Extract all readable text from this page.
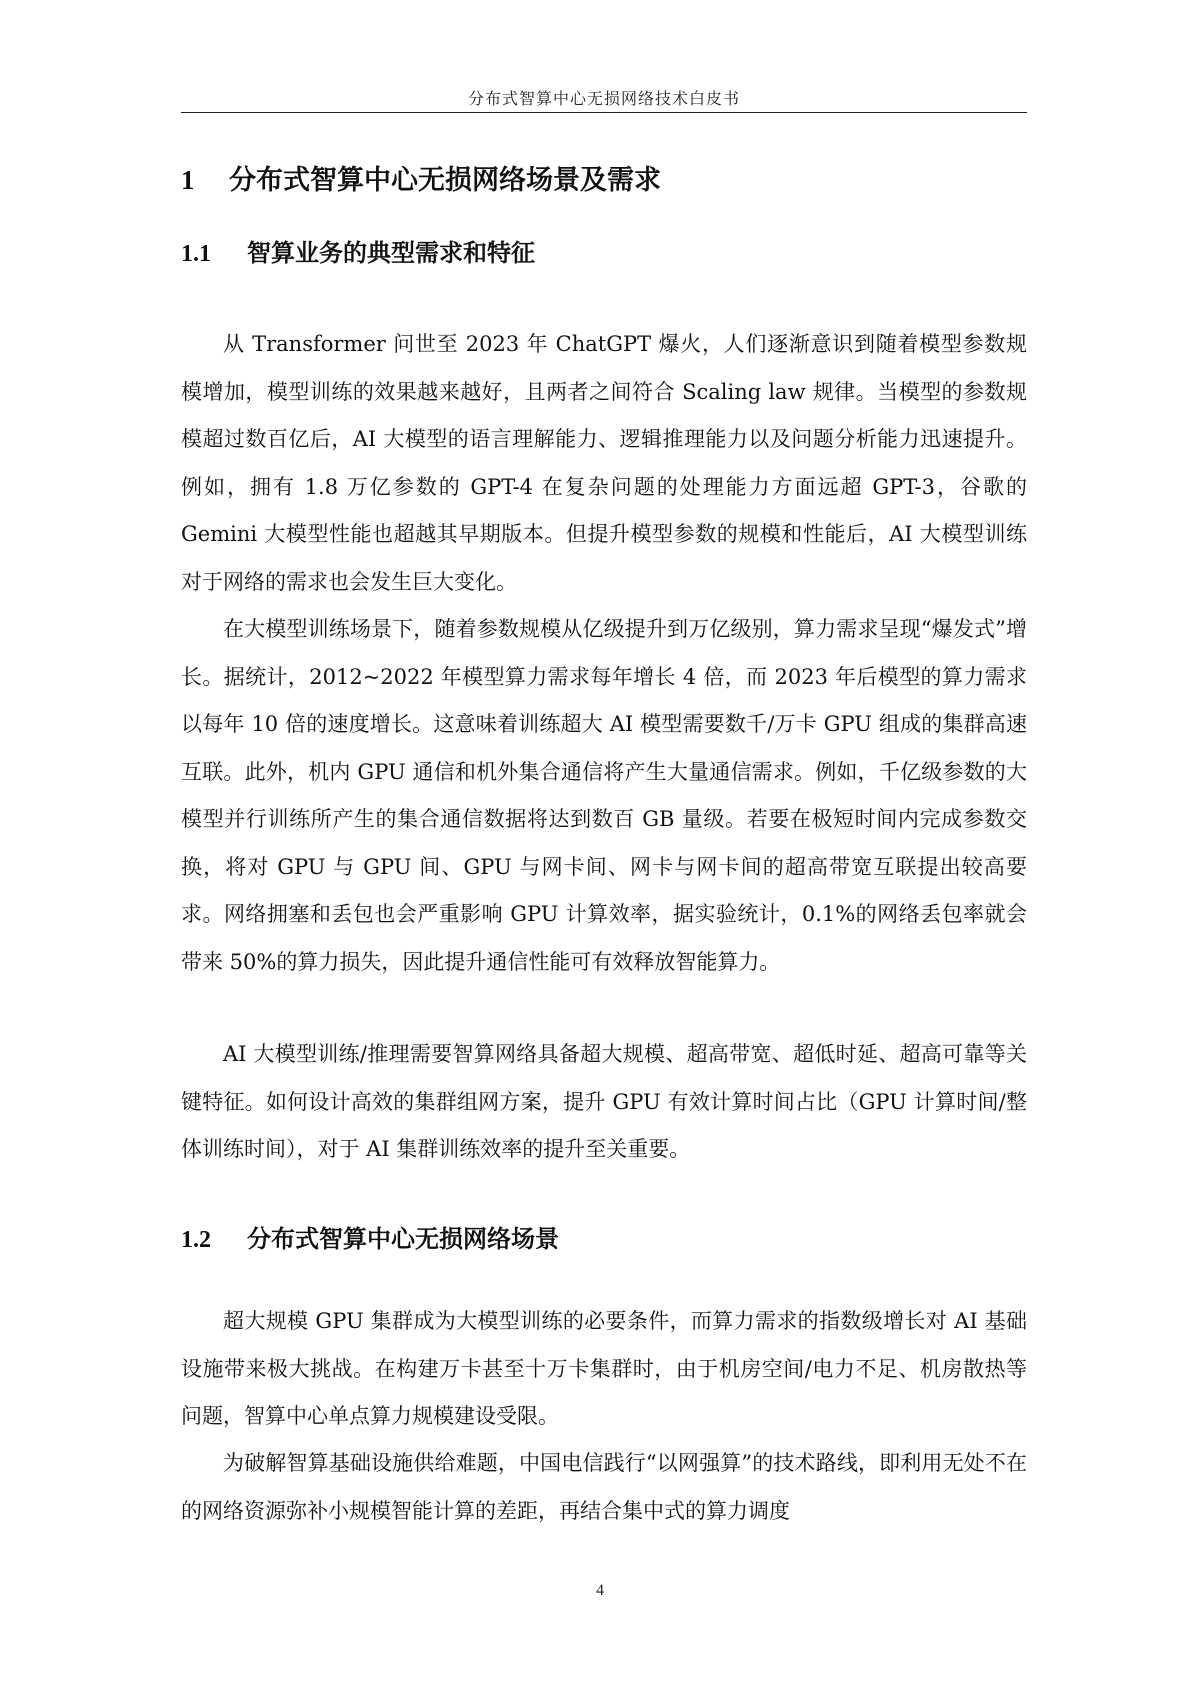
分布式智算中心无损网络技术白皮书
1 分布式智算中心无损网络场景及需求
1.1 智算业务的典型需求和特征

从 Transformer 问世至 2023 年 ChatGPT 爆火，人们逐渐意识到随着模型参数规模增加，模型训练的效果越来越好，且两者之间符合 Scaling law 规律。当模型的参数规模超过数百亿后，AI 大模型的语言理解能力、逻辑推理能力以及问题分析能力迅速提升。例如，拥有 1.8 万亿参数的 GPT-4 在复杂问题的处理能力方面远超 GPT-3，谷歌的 Gemini 大模型性能也超越其早期版本。但提升模型参数的规模和性能后，AI 大模型训练对于网络的需求也会发生巨大变化。

在大模型训练场景下，随着参数规模从亿级提升到万亿级别，算力需求呈现“爆发式”增长。据统计，2012~2022 年模型算力需求每年增长 4 倍，而 2023 年后模型的算力需求以每年 10 倍的速度增长。这意味着训练超大 AI 模型需要数千/万卡 GPU 组成的集群高速互联。此外，机内 GPU 通信和机外集合通信将产生大量通信需求。例如，千亿级参数的大模型并行训练所产生的集合通信数据将达到数百 GB 量级。若要在极短时间内完成参数交换，将对 GPU 与 GPU 间、GPU 与网卡间、网卡与网卡间的超高带宽互联提出较高要求。网络拥塞和丢包也会严重影响 GPU 计算效率，据实验统计，0.1%的网络丢包率就会带来 50%的算力损失，因此提升通信性能可有效释放智能算力。

AI 大模型训练/推理需要智算网络具备超大规模、超高带宽、超低时延、超高可靠等关键特征。如何设计高效的集群组网方案，提升 GPU 有效计算时间占比（GPU 计算时间/整体训练时间），对于 AI 集群训练效率的提升至关重要。

1.2 分布式智算中心无损网络场景

超大规模 GPU 集群成为大模型训练的必要条件，而算力需求的指数级增长对 AI 基础设施带来极大挑战。在构建万卡甚至十万卡集群时，由于机房空间/电力不足、机房散热等问题，智算中心单点算力规模建设受限。

为破解智算基础设施供给难题，中国电信践行“以网强算”的技术路线，即利用无处不在的网络资源弥补小规模智能计算的差距，再结合集中式的算力调度

4
